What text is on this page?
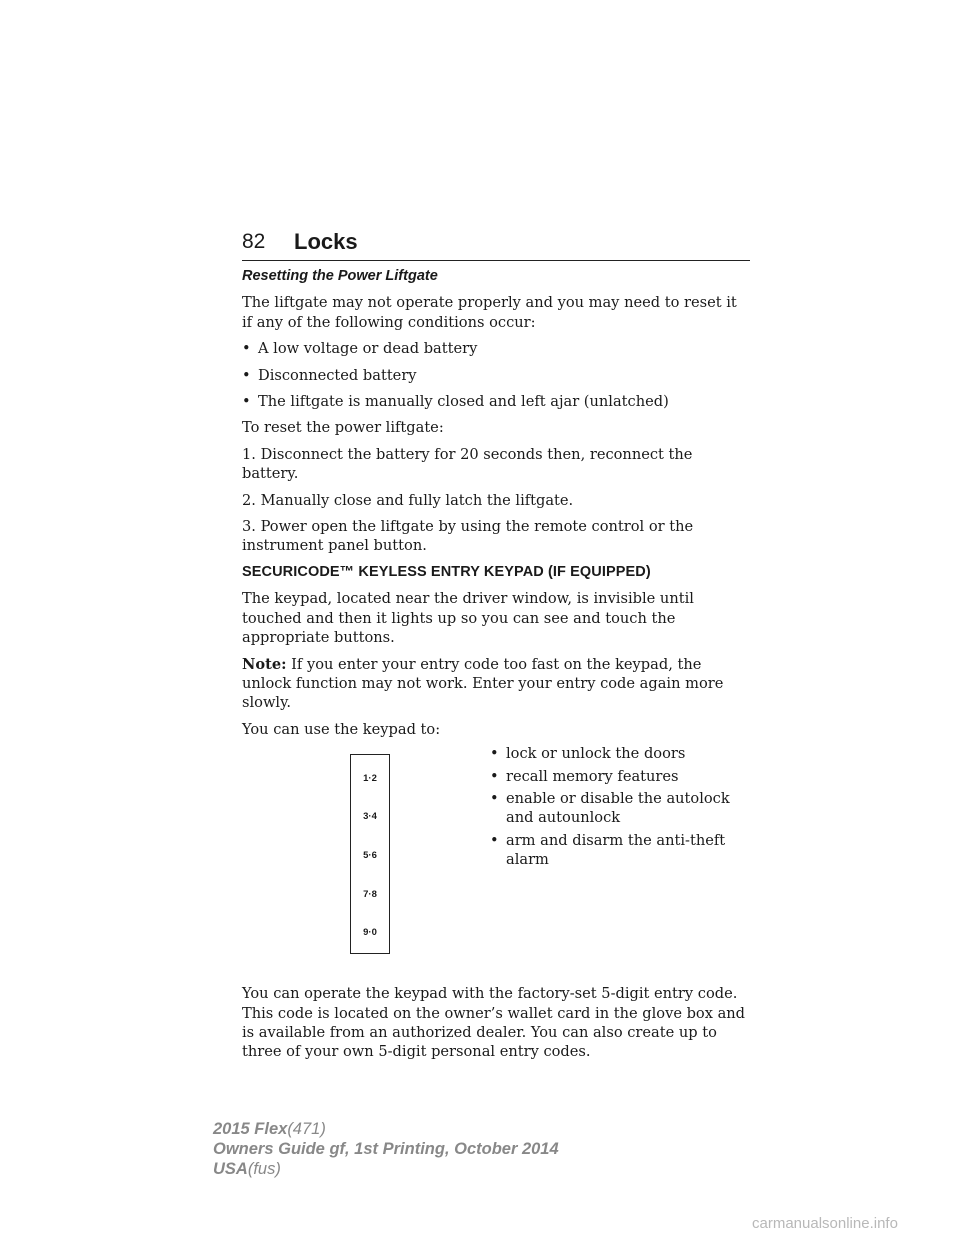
82 Locks
Resetting the Power Liftgate

The liftgate may not operate properly and you may need to reset it if any of the following conditions occur:

• A low voltage or dead battery
• Disconnected battery
• The liftgate is manually closed and left ajar (unlatched)

To reset the power liftgate:

1. Disconnect the battery for 20 seconds then, reconnect the battery.

2. Manually close and fully latch the liftgate.

3. Power open the liftgate by using the remote control or the instrument panel button.

SECURICODE™ KEYLESS ENTRY KEYPAD (IF EQUIPPED)

The keypad, located near the driver window, is invisible until touched and then it lights up so you can see and touch the appropriate buttons.

Note: If you enter your entry code too fast on the keypad, the unlock function may not work. Enter your entry code again more slowly.

You can use the keypad to:

1·2
3·4
5·6
7·8
9·0
• lock or unlock the doors
• recall memory features
• enable or disable the autolock and autounlock
• arm and disarm the anti-theft alarm

You can operate the keypad with the factory-set 5-digit entry code. This code is located on the owner’s wallet card in the glove box and is available from an authorized dealer. You can also create up to three of your own 5-digit personal entry codes.

2015 Flex(471)
Owners Guide gf, 1st Printing, October 2014
USA(fus)
carmanualsonline.info
